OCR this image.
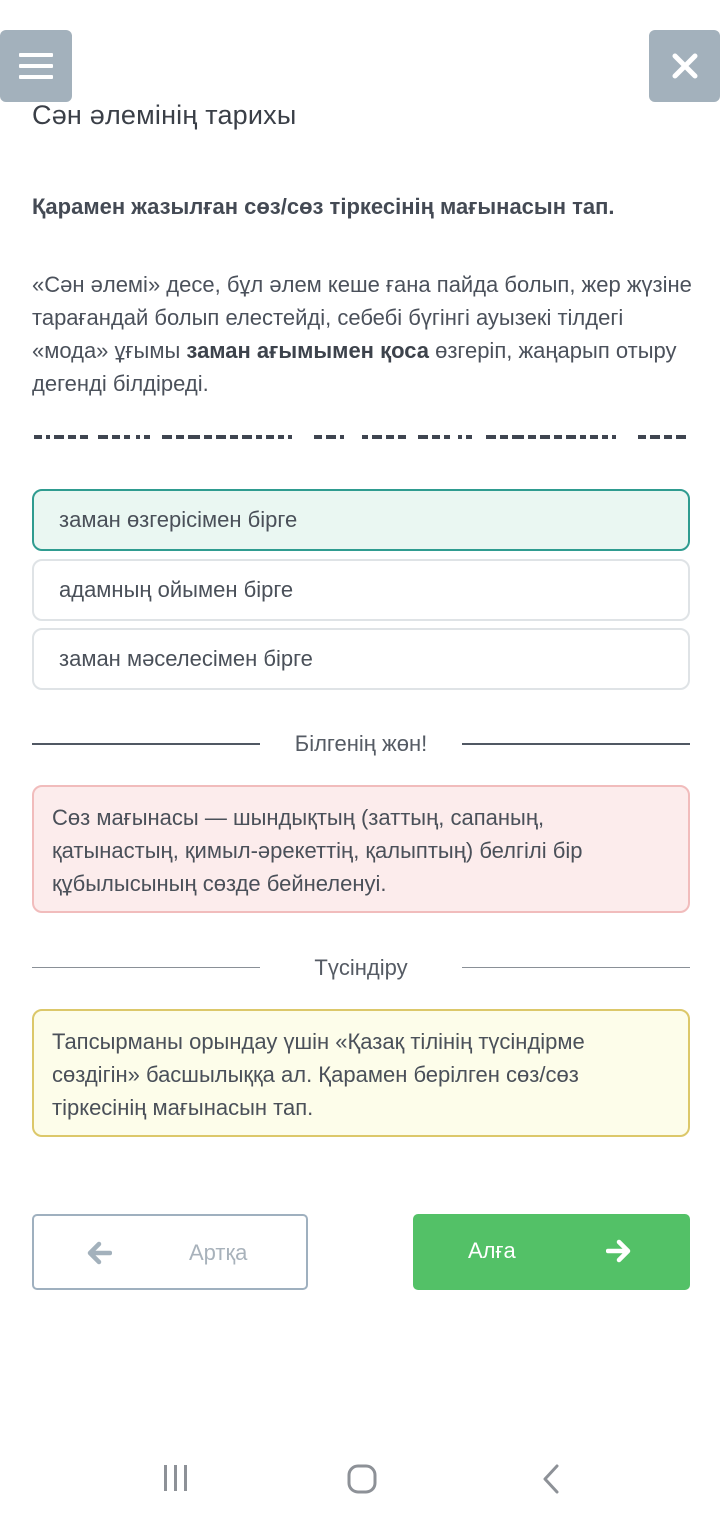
Сән әлемінің тарихы
Қарамен жазылған сөз/сөз тіркесінің мағынасын тап.
«Сән әлемі» десе, бұл әлем кеше ғана пайда болып, жер жүзіне тарағандай болып елестейді, себебі бүгінгі ауызекі тілдегі «мода» ұғымы заман ағымымен қоса өзгеріп, жаңарып отыру дегенді білдіреді.
заман өзгерісімен бірге
адамның ойымен бірге
заман мәселесімен бірге
Білгенің жөн!
Сөз мағынасы — шындықтың (заттың, сапаның, қатынастың, қимыл-әрекеттің, қалыптың) белгілі бір құбылысының сөзде бейнеленуі.
Түсіндіру
Тапсырманы орындау үшін «Қазақ тілінің түсіндірме сөздігін» басшылыққа ал. Қарамен берілген сөз/сөз тіркесінің мағынасын тап.
Артқа	Алға
